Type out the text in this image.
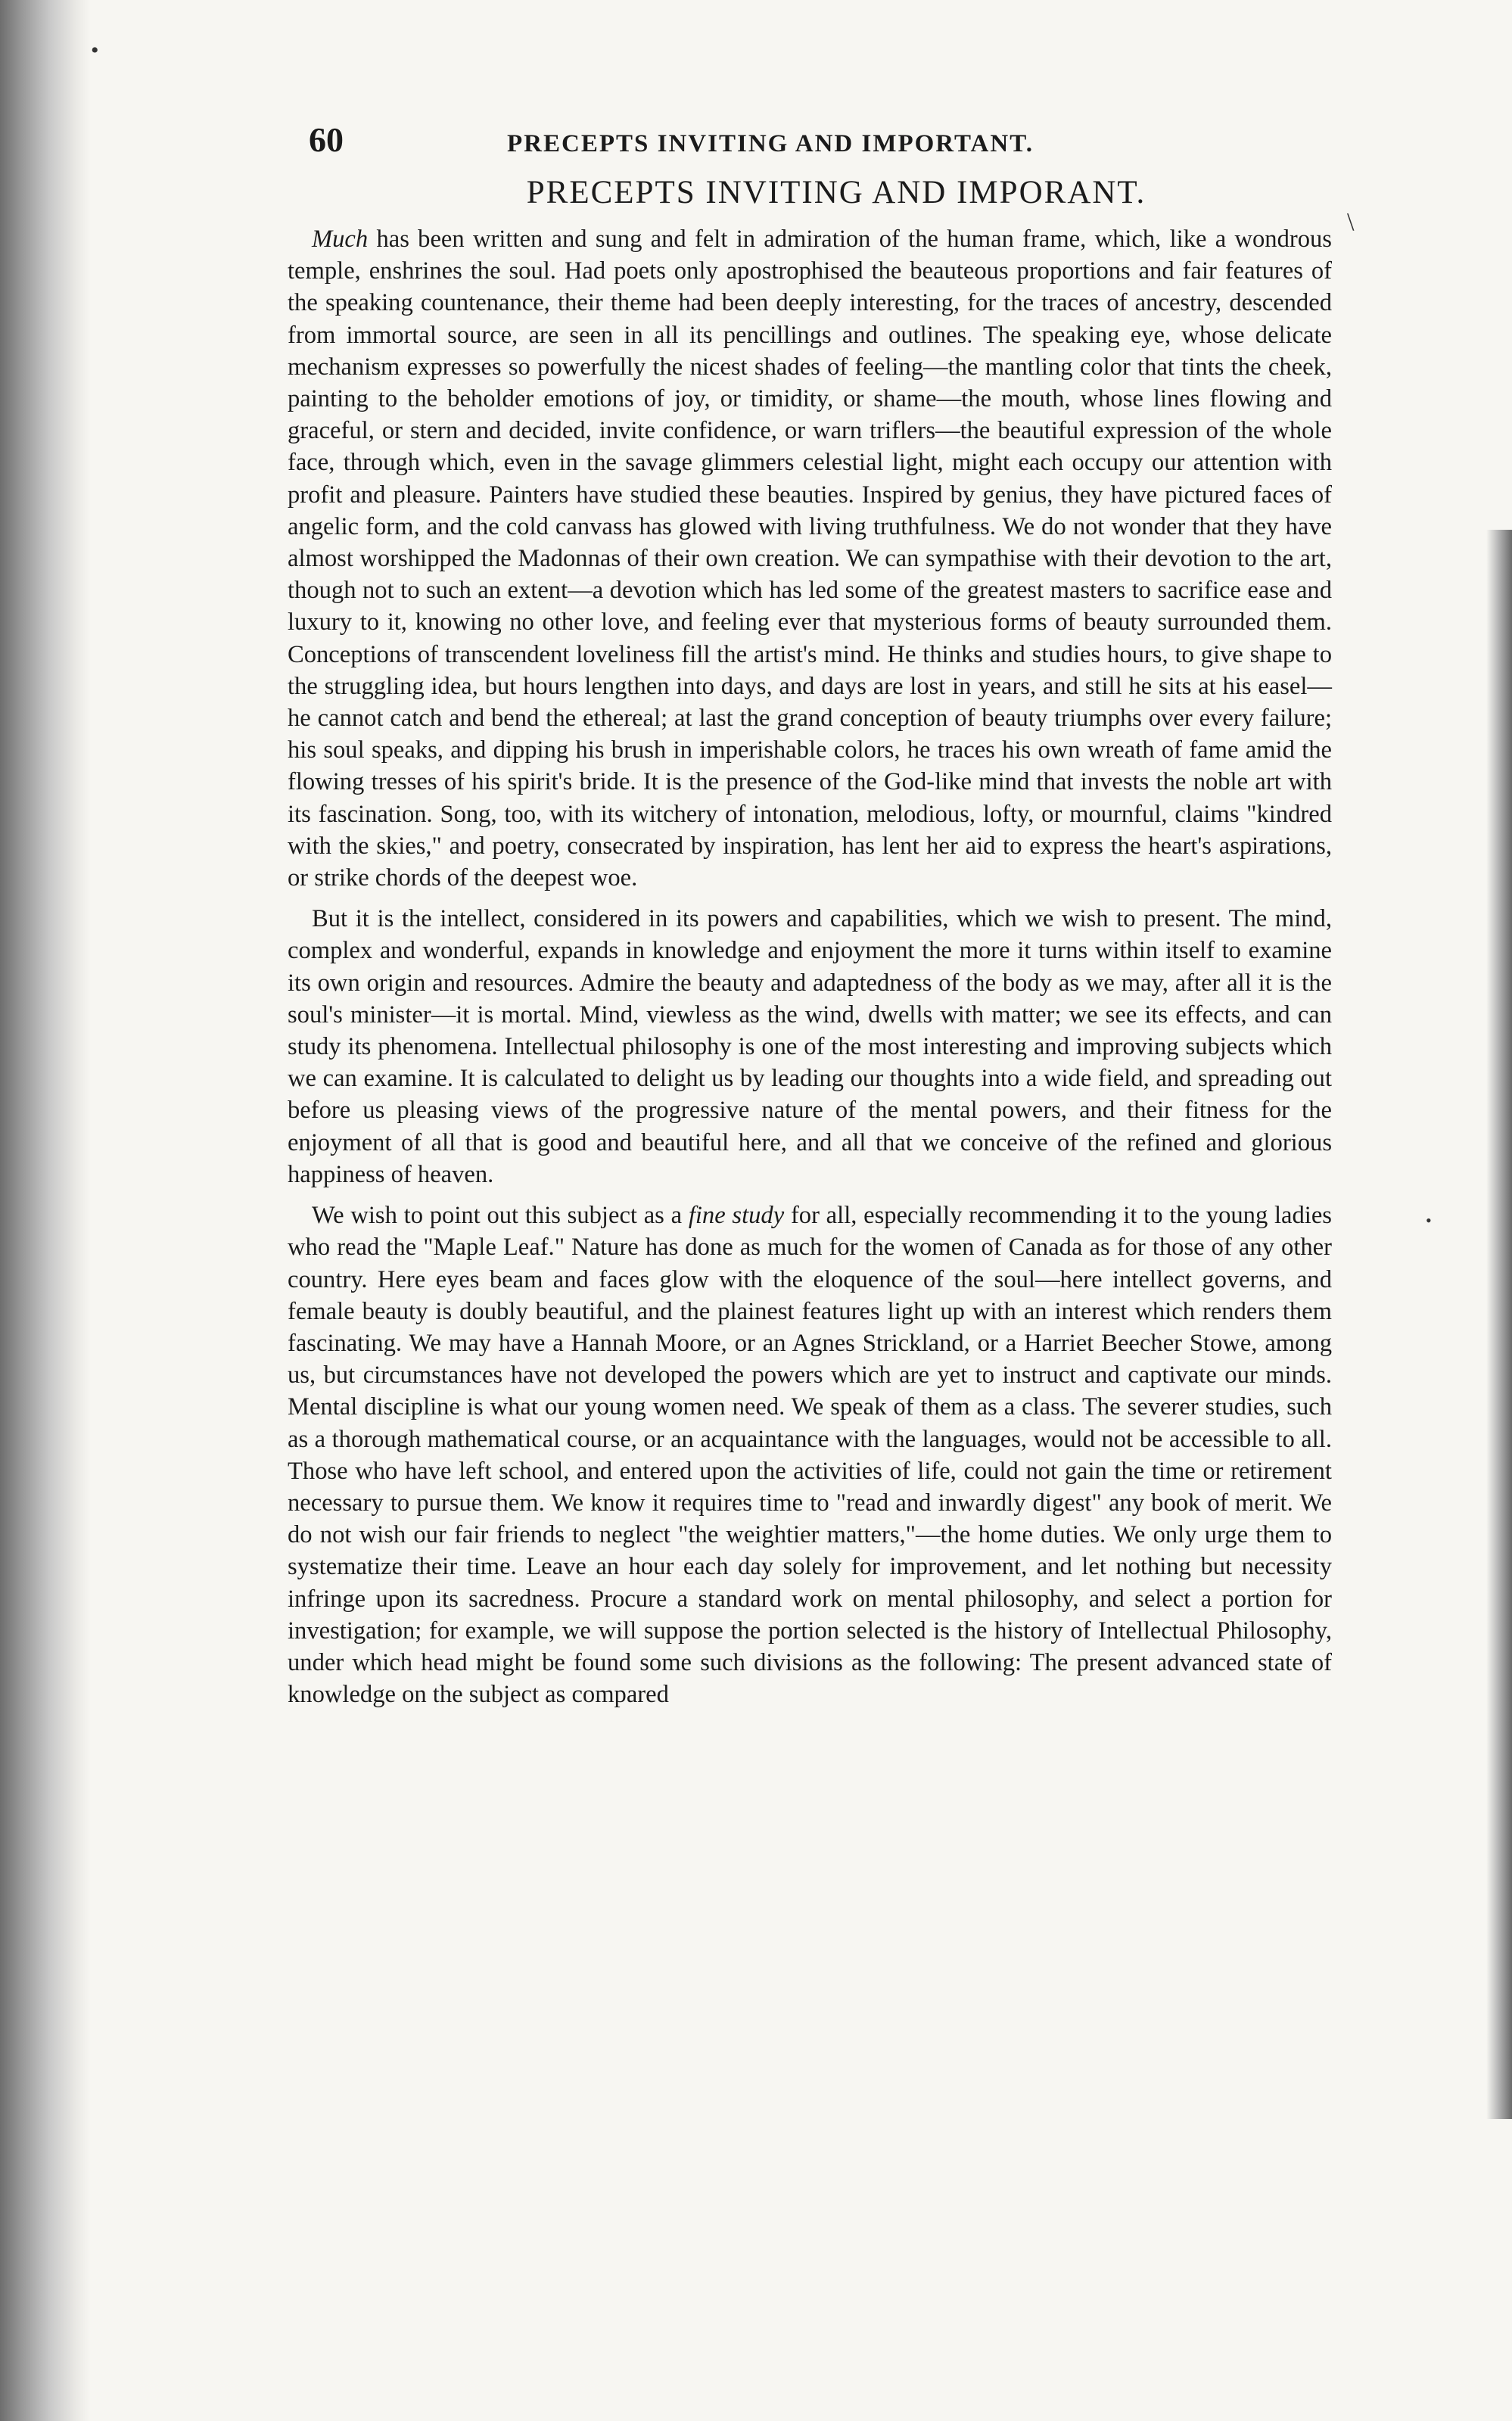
•
•
\
60	PRECEPTS INVITING AND IMPORTANT.
PRECEPTS INVITING AND IMPORANT.

Much has been written and sung and felt in admiration of the human frame, which, like a wondrous temple, enshrines the soul. Had poets only apostrophised the beauteous proportions and fair features of the speaking countenance, their theme had been deeply interesting, for the traces of ancestry, descended from immortal source, are seen in all its pencillings and outlines. The speaking eye, whose delicate mechanism expresses so powerfully the nicest shades of feeling—the mantling color that tints the cheek, painting to the beholder emotions of joy, or timidity, or shame—the mouth, whose lines flowing and graceful, or stern and decided, invite confidence, or warn triflers—the beautiful expression of the whole face, through which, even in the savage glimmers celestial light, might each occupy our attention with profit and pleasure. Painters have studied these beauties. Inspired by genius, they have pictured faces of angelic form, and the cold canvass has glowed with living truthfulness. We do not wonder that they have almost worshipped the Madonnas of their own creation. We can sympathise with their devotion to the art, though not to such an extent—a devotion which has led some of the greatest masters to sacrifice ease and luxury to it, knowing no other love, and feeling ever that mysterious forms of beauty surrounded them. Conceptions of transcendent loveliness fill the artist's mind. He thinks and studies hours, to give shape to the struggling idea, but hours lengthen into days, and days are lost in years, and still he sits at his easel—he cannot catch and bend the ethereal; at last the grand conception of beauty triumphs over every failure; his soul speaks, and dipping his brush in imperishable colors, he traces his own wreath of fame amid the flowing tresses of his spirit's bride. It is the presence of the God-like mind that invests the noble art with its fascination. Song, too, with its witchery of intonation, melodious, lofty, or mournful, claims "kindred with the skies," and poetry, consecrated by inspiration, has lent her aid to express the heart's aspirations, or strike chords of the deepest woe.

But it is the intellect, considered in its powers and capabilities, which we wish to present. The mind, complex and wonderful, expands in knowledge and enjoyment the more it turns within itself to examine its own origin and resources. Admire the beauty and adaptedness of the body as we may, after all it is the soul's minister—it is mortal. Mind, viewless as the wind, dwells with matter; we see its effects, and can study its phenomena. Intellectual philosophy is one of the most interesting and improving subjects which we can examine. It is calculated to delight us by leading our thoughts into a wide field, and spreading out before us pleasing views of the progressive nature of the mental powers, and their fitness for the enjoyment of all that is good and beautiful here, and all that we conceive of the refined and glorious happiness of heaven.

We wish to point out this subject as a fine study for all, especially recommending it to the young ladies who read the "Maple Leaf." Nature has done as much for the women of Canada as for those of any other country. Here eyes beam and faces glow with the eloquence of the soul—here intellect governs, and female beauty is doubly beautiful, and the plainest features light up with an interest which renders them fascinating. We may have a Hannah Moore, or an Agnes Strickland, or a Harriet Beecher Stowe, among us, but circumstances have not developed the powers which are yet to instruct and captivate our minds. Mental discipline is what our young women need. We speak of them as a class. The severer studies, such as a thorough mathematical course, or an acquaintance with the languages, would not be accessible to all. Those who have left school, and entered upon the activities of life, could not gain the time or retirement necessary to pursue them. We know it requires time to "read and inwardly digest" any book of merit. We do not wish our fair friends to neglect "the weightier matters,"—the home duties. We only urge them to systematize their time. Leave an hour each day solely for improvement, and let nothing but necessity infringe upon its sacredness. Procure a standard work on mental philosophy, and select a portion for investigation; for example, we will suppose the portion selected is the history of Intellectual Philosophy, under which head might be found some such divisions as the following: The present advanced state of knowledge on the subject as compared
